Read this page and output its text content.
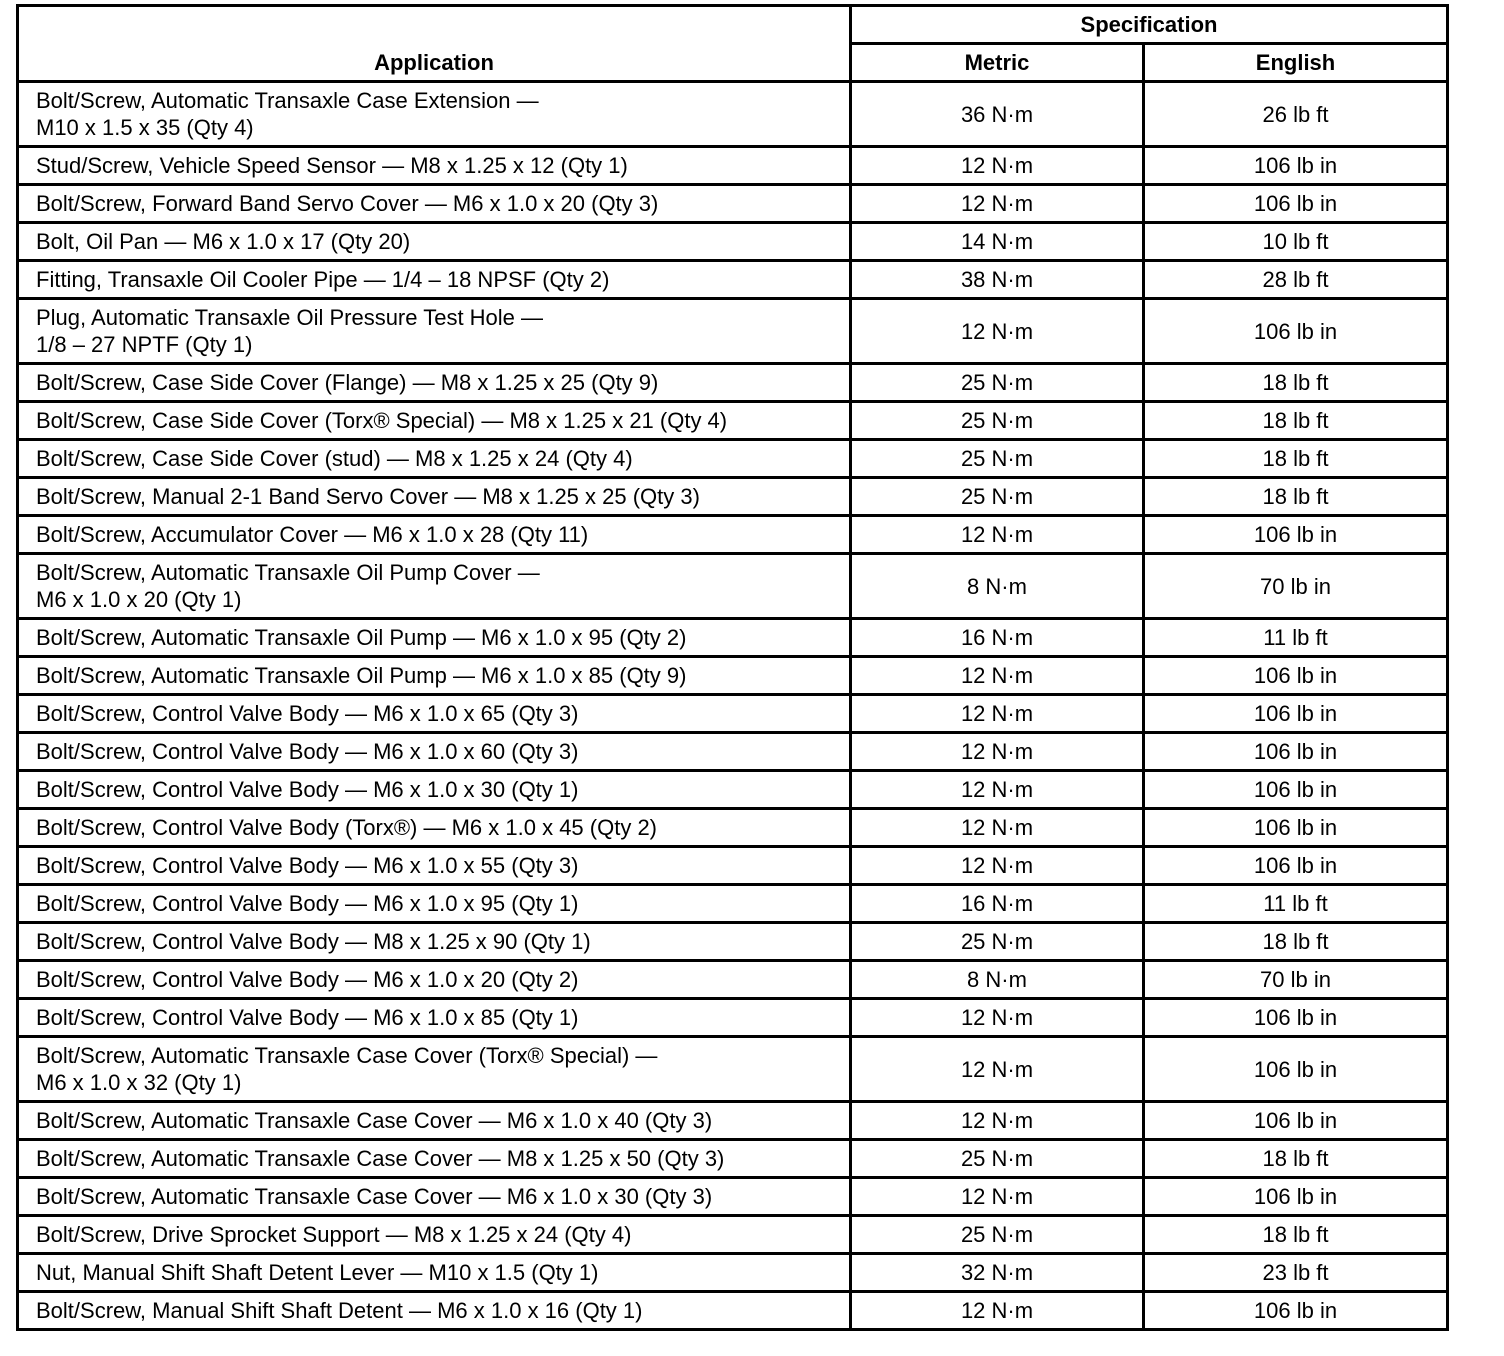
Application	Specification	
	Metric	English
Bolt/Screw, Automatic Transaxle Case Extension —
M10 x 1.5 x 35 (Qty 4)	36 N·m	26 lb ft
Stud/Screw, Vehicle Speed Sensor — M8 x 1.25 x 12 (Qty 1)	12 N·m	106 lb in
Bolt/Screw, Forward Band Servo Cover — M6 x 1.0 x 20 (Qty 3)	12 N·m	106 lb in
Bolt, Oil Pan — M6 x 1.0 x 17 (Qty 20)	14 N·m	10 lb ft
Fitting, Transaxle Oil Cooler Pipe — 1/4 – 18 NPSF (Qty 2)	38 N·m	28 lb ft
Plug, Automatic Transaxle Oil Pressure Test Hole —
1/8 – 27 NPTF (Qty 1)	12 N·m	106 lb in
Bolt/Screw, Case Side Cover (Flange) — M8 x 1.25 x 25 (Qty 9)	25 N·m	18 lb ft
Bolt/Screw, Case Side Cover (Torx® Special) — M8 x 1.25 x 21 (Qty 4)	25 N·m	18 lb ft
Bolt/Screw, Case Side Cover (stud) — M8 x 1.25 x 24 (Qty 4)	25 N·m	18 lb ft
Bolt/Screw, Manual 2-1 Band Servo Cover — M8 x 1.25 x 25 (Qty 3)	25 N·m	18 lb ft
Bolt/Screw, Accumulator Cover — M6 x 1.0 x 28 (Qty 11)	12 N·m	106 lb in
Bolt/Screw, Automatic Transaxle Oil Pump Cover —
M6 x 1.0 x 20 (Qty 1)	8 N·m	70 lb in
Bolt/Screw, Automatic Transaxle Oil Pump — M6 x 1.0 x 95 (Qty 2)	16 N·m	11 lb ft
Bolt/Screw, Automatic Transaxle Oil Pump — M6 x 1.0 x 85 (Qty 9)	12 N·m	106 lb in
Bolt/Screw, Control Valve Body — M6 x 1.0 x 65 (Qty 3)	12 N·m	106 lb in
Bolt/Screw, Control Valve Body — M6 x 1.0 x 60 (Qty 3)	12 N·m	106 lb in
Bolt/Screw, Control Valve Body — M6 x 1.0 x 30 (Qty 1)	12 N·m	106 lb in
Bolt/Screw, Control Valve Body (Torx®) — M6 x 1.0 x 45 (Qty 2)	12 N·m	106 lb in
Bolt/Screw, Control Valve Body — M6 x 1.0 x 55 (Qty 3)	12 N·m	106 lb in
Bolt/Screw, Control Valve Body — M6 x 1.0 x 95 (Qty 1)	16 N·m	11 lb ft
Bolt/Screw, Control Valve Body — M8 x 1.25 x 90 (Qty 1)	25 N·m	18 lb ft
Bolt/Screw, Control Valve Body — M6 x 1.0 x 20 (Qty 2)	8 N·m	70 lb in
Bolt/Screw, Control Valve Body — M6 x 1.0 x 85 (Qty 1)	12 N·m	106 lb in
Bolt/Screw, Automatic Transaxle Case Cover (Torx® Special) —
M6 x 1.0 x 32 (Qty 1)	12 N·m	106 lb in
Bolt/Screw, Automatic Transaxle Case Cover — M6 x 1.0 x 40 (Qty 3)	12 N·m	106 lb in
Bolt/Screw, Automatic Transaxle Case Cover — M8 x 1.25 x 50 (Qty 3)	25 N·m	18 lb ft
Bolt/Screw, Automatic Transaxle Case Cover — M6 x 1.0 x 30 (Qty 3)	12 N·m	106 lb in
Bolt/Screw, Drive Sprocket Support — M8 x 1.25 x 24 (Qty 4)	25 N·m	18 lb ft
Nut, Manual Shift Shaft Detent Lever — M10 x 1.5 (Qty 1)	32 N·m	23 lb ft
Bolt/Screw, Manual Shift Shaft Detent — M6 x 1.0 x 16 (Qty 1)	12 N·m	106 lb in
